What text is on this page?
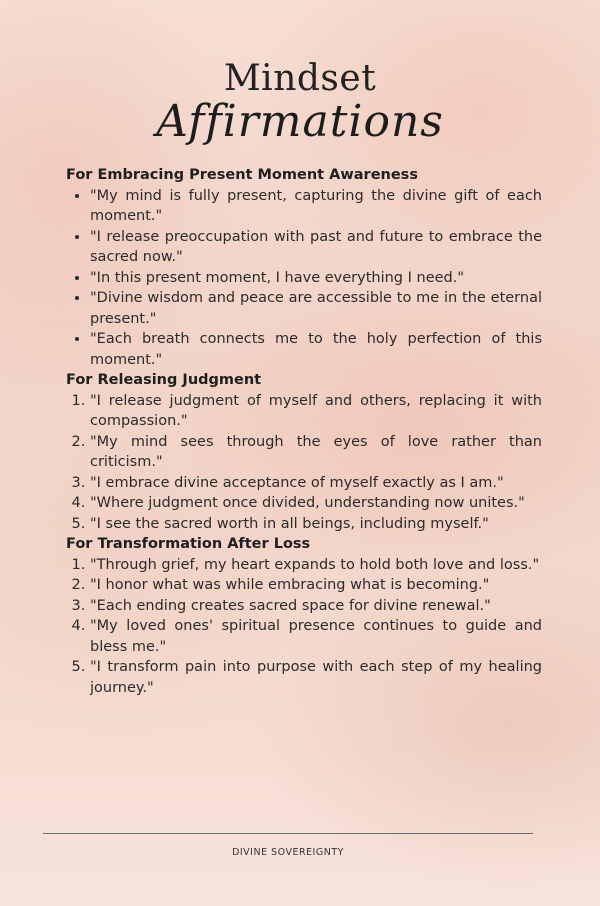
Mindset
Affirmations
For Embracing Present Moment Awareness
• "My mind is fully present, capturing the divine gift of each moment."
• "I release preoccupation with past and future to embrace the sacred now."
• "In this present moment, I have everything I need."
• "Divine wisdom and peace are accessible to me in the eternal present."
• "Each breath connects me to the holy perfection of this moment."
For Releasing Judgment
1. "I release judgment of myself and others, replacing it with compassion."
2. "My mind sees through the eyes of love rather than criticism."
3. "I embrace divine acceptance of myself exactly as I am."
4. "Where judgment once divided, understanding now unites."
5. "I see the sacred worth in all beings, including myself."
For Transformation After Loss
1. "Through grief, my heart expands to hold both love and loss."
2. "I honor what was while embracing what is becoming."
3. "Each ending creates sacred space for divine renewal."
4. "My loved ones' spiritual presence continues to guide and bless me."
5. "I transform pain into purpose with each step of my healing journey."
DIVINE SOVEREIGNTY
